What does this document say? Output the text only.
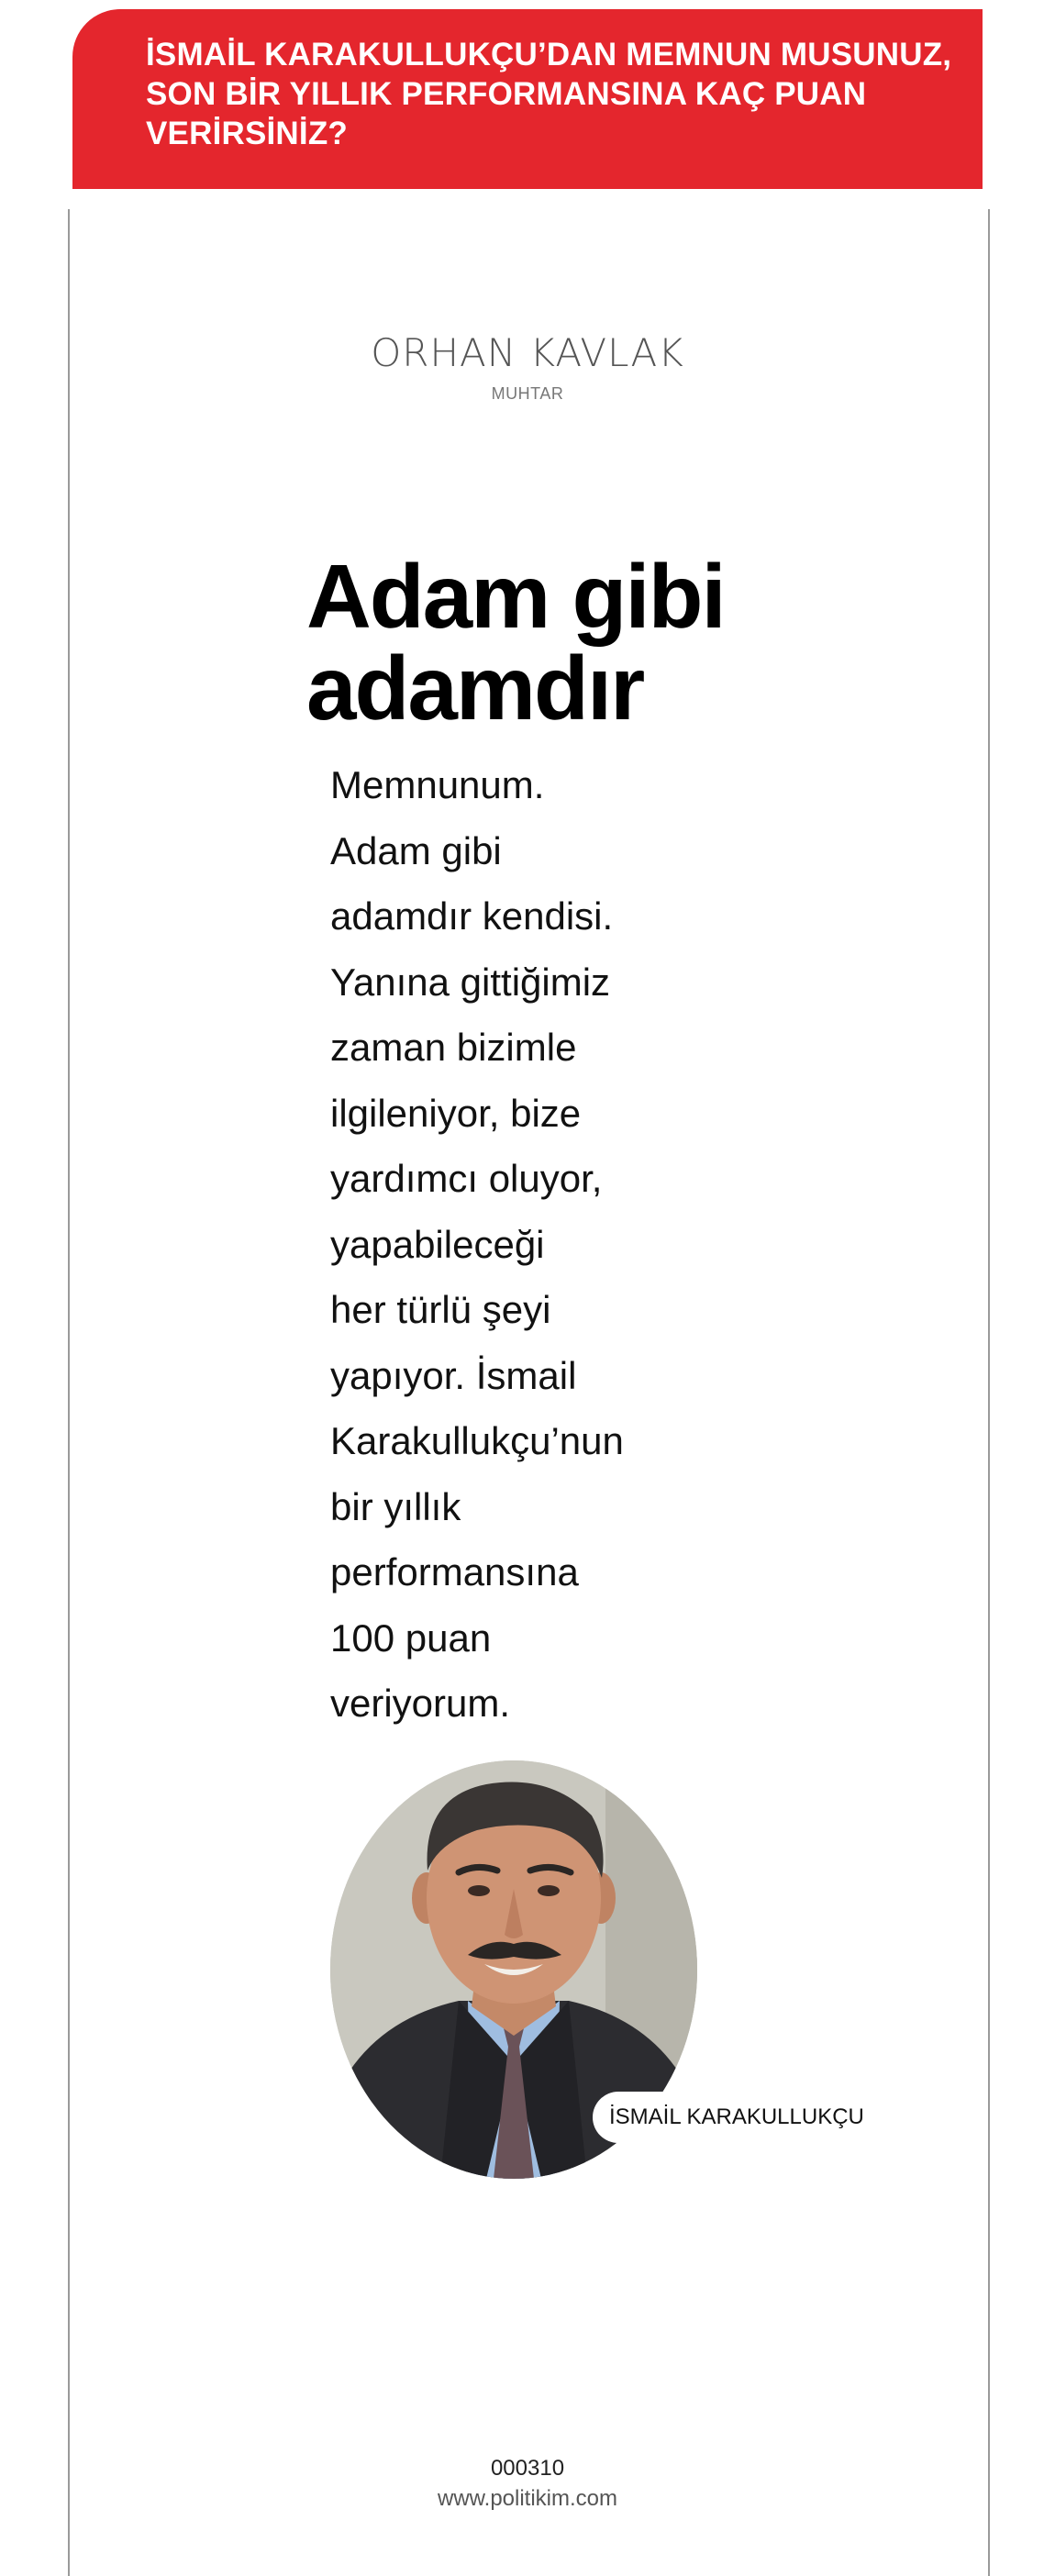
İSMAİL KARAKULLUKÇU’DAN MEMNUN MUSUNUZ, SON BİR YILLIK PERFORMANSINA KAÇ PUAN VERİRSİNİZ?

ORHAN KAVLAK

MUHTAR

Adam gibi adamdır
Memnunum.
Adam gibi
adamdır kendisi.
Yanına gittiğimiz
zaman bizimle
ilgileniyor, bize
yardımcı oluyor,
yapabileceği
her türlü şeyi
yapıyor. İsmail
Karakullukçu’nun
bir yıllık
performansına
100 puan
veriyorum.
İSMAİL KARAKULLUKÇU

000310

www.politikim.com
